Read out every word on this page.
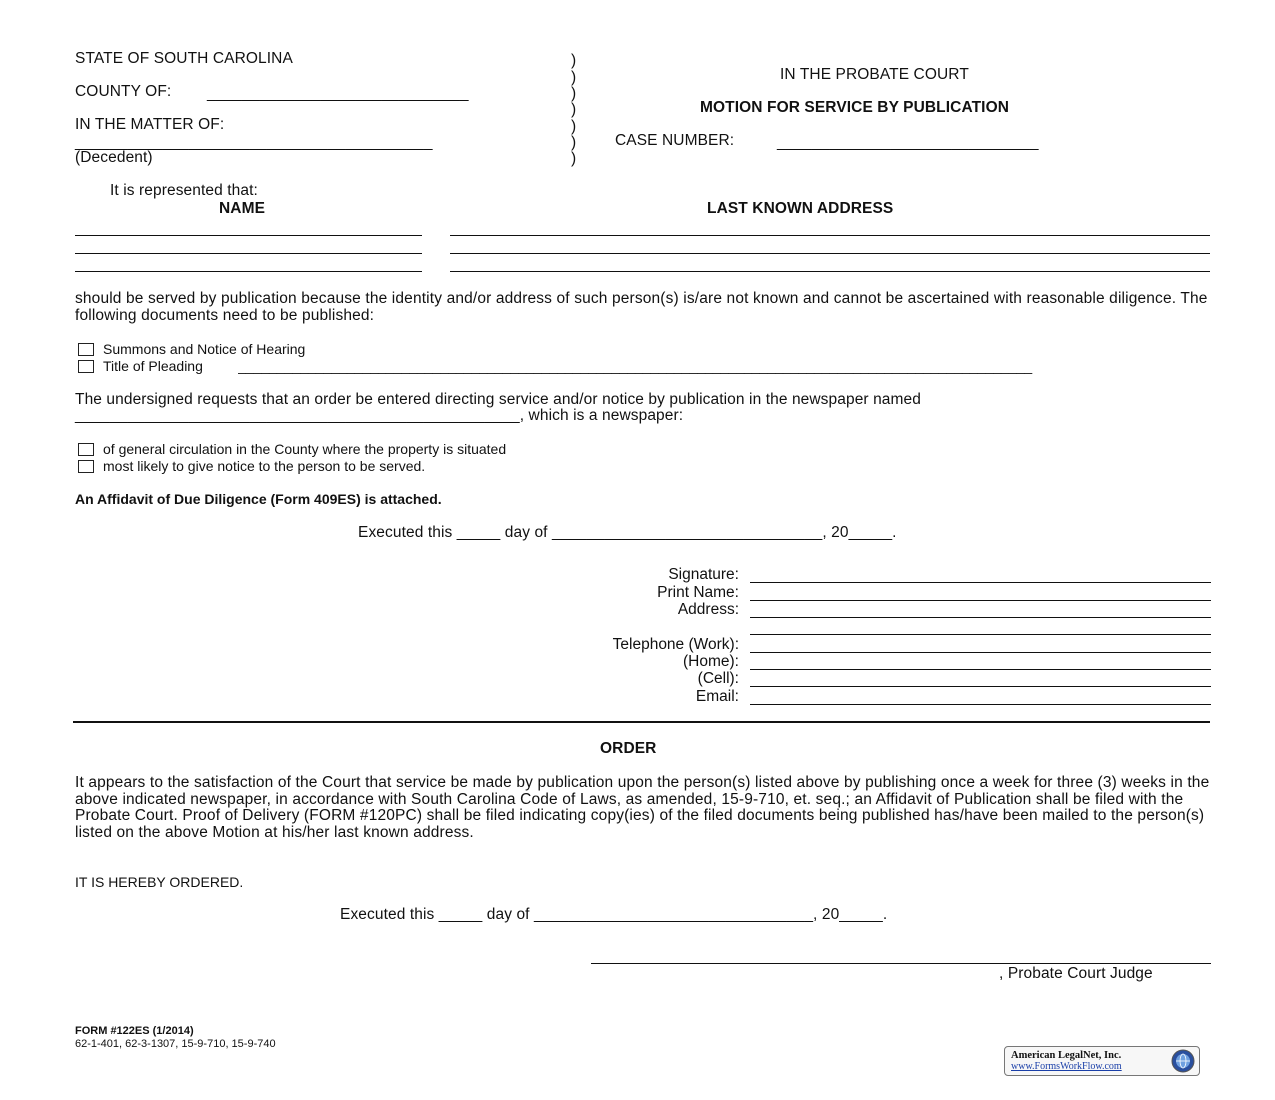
STATE OF SOUTH CAROLINA
COUNTY OF: ______________________________
IN THE MATTER OF:
_________________________________________
(Decedent)
)
)
)
)
)
)
)
IN THE PROBATE COURT
MOTION FOR SERVICE BY PUBLICATION
CASE NUMBER:	______________________________
It is represented that:
NAME	LAST KNOWN ADDRESS
should be served by publication because the identity and/or address of such person(s) is/are not known and cannot be ascertained with reasonable diligence. The following documents need to be published:
Summons and Notice of Hearing
Title of Pleading	______________________________________________________________________________________________________
The undersigned requests that an order be entered directing service and/or notice by publication in the newspaper named
___________________________________________________, which is a newspaper:
of general circulation in the County where the property is situated
most likely to give notice to the person to be served.
An Affidavit of Due Diligence (Form 409ES) is attached.
Executed this _____ day of _______________________________, 20_____.
Signature:
Print Name:
Address:
Telephone (Work):
(Home):
(Cell):
Email:
ORDER
It appears to the satisfaction of the Court that service be made by publication upon the person(s) listed above by publishing once a week for three (3) weeks in the above indicated newspaper, in accordance with South Carolina Code of Laws, as amended, 15-9-710, et. seq.; an Affidavit of Publication shall be filed with the Probate Court. Proof of Delivery (FORM #120PC) shall be filed indicating copy(ies) of the filed documents being published has/have been mailed to the person(s) listed on the above Motion at his/her last known address.
IT IS HEREBY ORDERED.
Executed this _____ day of ________________________________, 20_____.
, Probate Court Judge
FORM #122ES (1/2014)
62-1-401, 62-3-1307, 15-9-710, 15-9-740
American LegalNet, Inc.
www.FormsWorkFlow.com
